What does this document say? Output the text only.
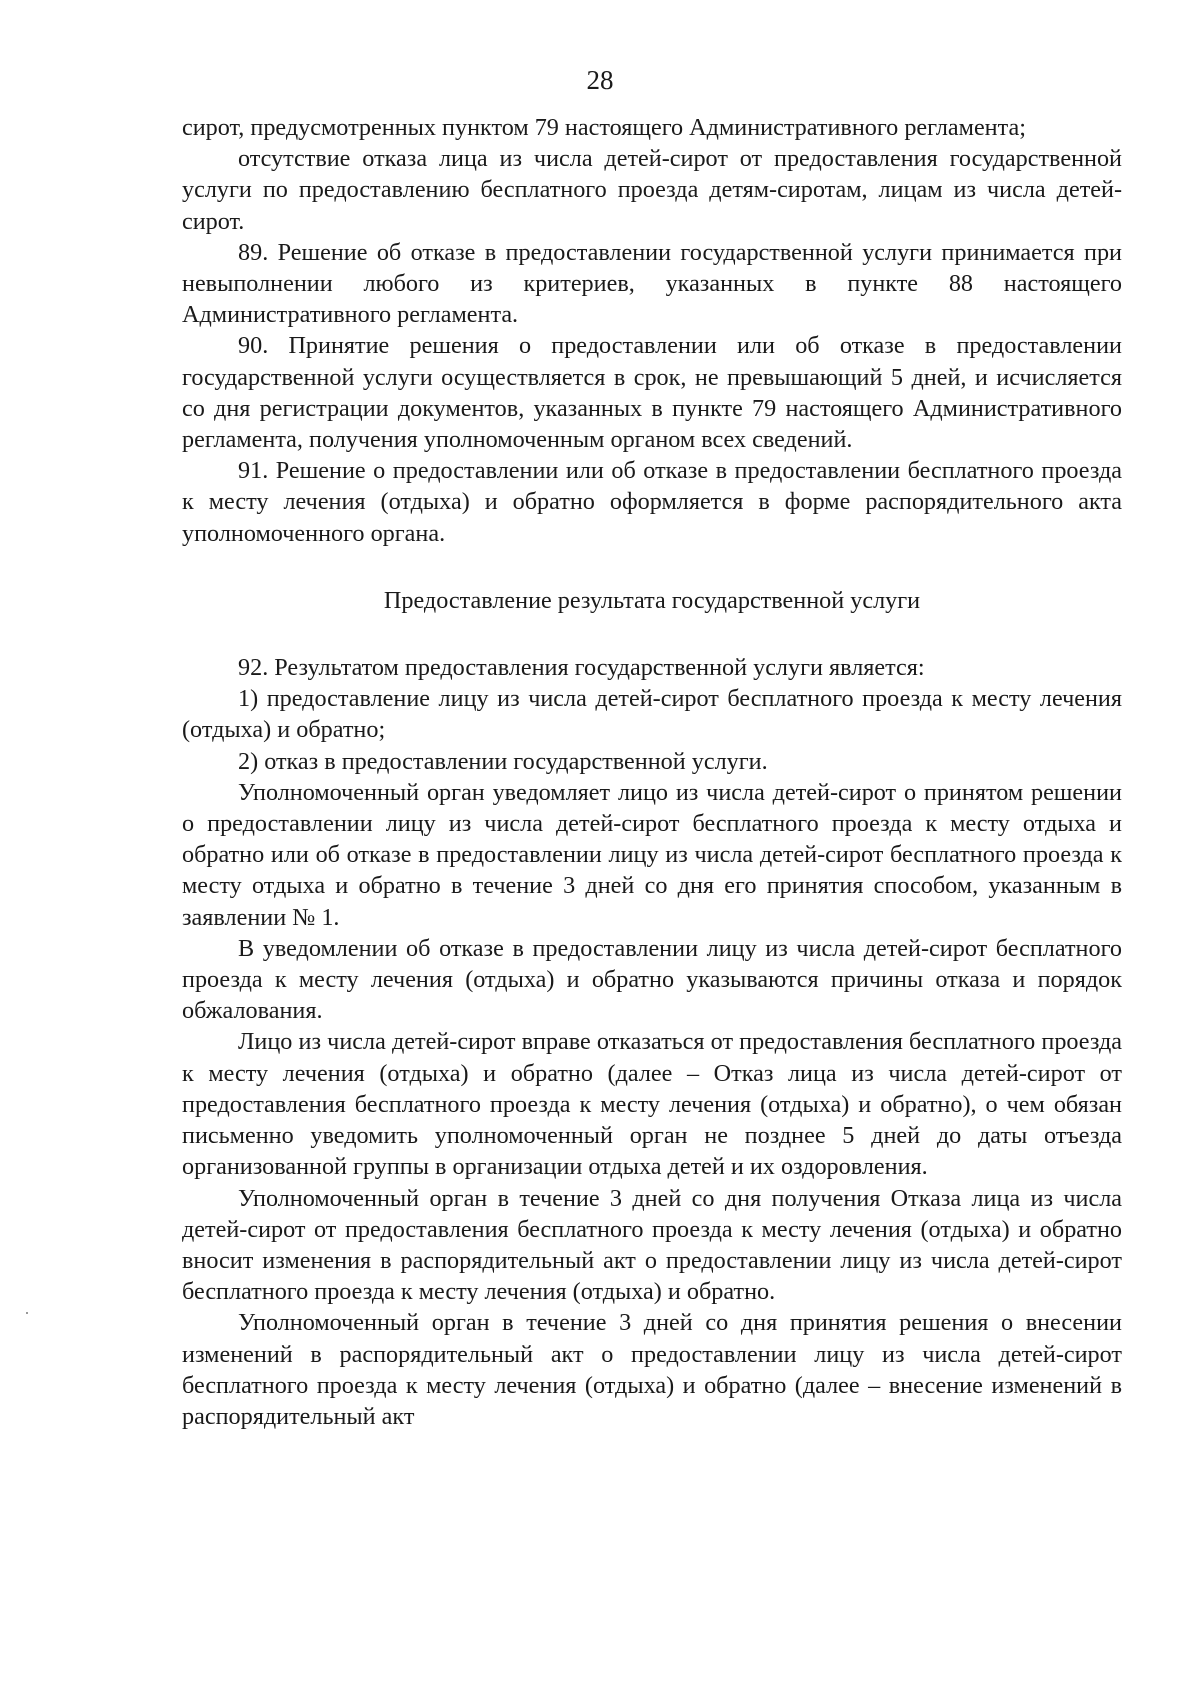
28

сирот, предусмотренных пунктом 79 настоящего Административного регламента;

отсутствие отказа лица из числа детей-сирот от предоставления государственной услуги по предоставлению бесплатного проезда детям-сиротам, лицам из числа детей-сирот.

89. Решение об отказе в предоставлении государственной услуги принимается при невыполнении любого из критериев, указанных в пункте 88 настоящего Административного регламента.

90. Принятие решения о предоставлении или об отказе в предоставлении государственной услуги осуществляется в срок, не превышающий 5 дней, и исчисляется со дня регистрации документов, указанных в пункте 79 настоящего Административного регламента, получения уполномоченным органом всех сведений.

91. Решение о предоставлении или об отказе в предоставлении бесплатного проезда к месту лечения (отдыха) и обратно оформляется в форме распорядительного акта уполномоченного органа.

Предоставление результата государственной услуги

92. Результатом предоставления государственной услуги является:

1) предоставление лицу из числа детей-сирот бесплатного проезда к месту лечения (отдыха) и обратно;

2) отказ в предоставлении государственной услуги.

Уполномоченный орган уведомляет лицо из числа детей-сирот о принятом решении о предоставлении лицу из числа детей-сирот бесплатного проезда к месту отдыха и обратно или об отказе в предоставлении лицу из числа детей-сирот бесплатного проезда к месту отдыха и обратно в течение 3 дней со дня его принятия способом, указанным в заявлении № 1.

В уведомлении об отказе в предоставлении лицу из числа детей-сирот бесплатного проезда к месту лечения (отдыха) и обратно указываются причины отказа и порядок обжалования.

Лицо из числа детей-сирот вправе отказаться от предоставления бесплатного проезда к месту лечения (отдыха) и обратно (далее – Отказ лица из числа детей-сирот от предоставления бесплатного проезда к месту лечения (отдыха) и обратно), о чем обязан письменно уведомить уполномоченный орган не позднее 5 дней до даты отъезда организованной группы в организации отдыха детей и их оздоровления.

Уполномоченный орган в течение 3 дней со дня получения Отказа лица из числа детей-сирот от предоставления бесплатного проезда к месту лечения (отдыха) и обратно вносит изменения в распорядительный акт о предоставлении лицу из числа детей-сирот бесплатного проезда к месту лечения (отдыха) и обратно.

Уполномоченный орган в течение 3 дней со дня принятия решения о внесении изменений в распорядительный акт о предоставлении лицу из числа детей-сирот бесплатного проезда к месту лечения (отдыха) и обратно (далее – внесение изменений в распорядительный акт
